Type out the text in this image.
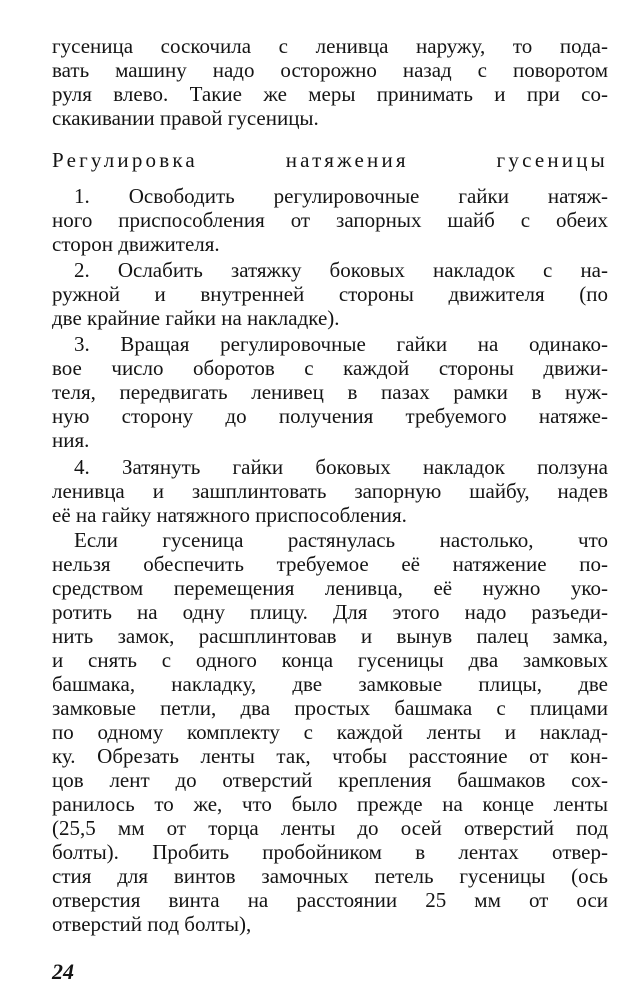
гусеница соскочила с ленивца наружу, то пода-
вать машину надо осторожно назад с поворотом
руля влево. Такие же меры принимать и при со-
скакивании правой гусеницы.
Регулировка натяжения гусеницы
1. Освободить регулировочные гайки натяж-
ного приспособления от запорных шайб с обеих
сторон движителя.
2. Ослабить затяжку боковых накладок с на-
ружной и внутренней стороны движителя (по
две крайние гайки на накладке).
3. Вращая регулировочные гайки на одинако-
вое число оборотов с каждой стороны движи-
теля, передвигать ленивец в пазах рамки в нуж-
ную сторону до получения требуемого натяже-
ния.
4. Затянуть гайки боковых накладок ползуна
ленивца и зашплинтовать запорную шайбу, надев
её на гайку натяжного приспособления.
Если гусеница растянулась настолько, что
нельзя обеспечить требуемое её натяжение по-
средством перемещения ленивца, её нужно уко-
ротить на одну плицу. Для этого надо разъеди-
нить замок, расшплинтовав и вынув палец замка,
и снять с одного конца гусеницы два замковых
башмака, накладку, две замковые плицы, две
замковые петли, два простых башмака с плицами
по одному комплекту с каждой ленты и наклад-
ку. Обрезать ленты так, чтобы расстояние от кон-
цов лент до отверстий крепления башмаков сох-
ранилось то же, что было прежде на конце ленты
(25,5 мм от торца ленты до осей отверстий под
болты). Пробить пробойником в лентах отвер-
стия для винтов замочных петель гусеницы (ось
отверстия винта на расстоянии 25 мм от оси
отверстий под болты),
24
